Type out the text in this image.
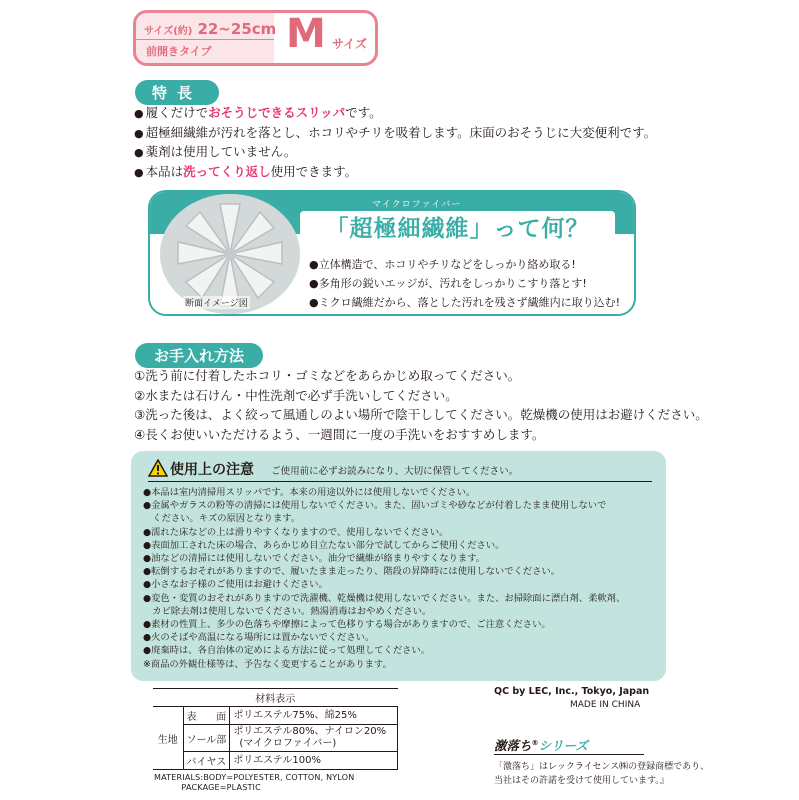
サイズ(約) 22~25cm
前開きタイプ M サイズ
特長
● 履くだけでおそうじできるスリッパです。
● 超極細繊維が汚れを落とし、ホコリやチリを吸着します。床面のおそうじに大変便利です。
● 薬剤は使用していません。
● 本品は洗ってくり返し使用できます。
断面イメージ図
マイクロファイバー
「超極細繊維」って何？
●立体構造で、ホコリやチリなどをしっかり絡め取る!
●多角形の鋭いエッジが、汚れをしっかりこすり落とす!
●ミクロ繊維だから、落とした汚れを残さず繊維内に取り込む!
お手入れ方法
①洗う前に付着したホコリ・ゴミなどをあらかじめ取ってください。
②水または石けん・中性洗剤で必ず手洗いしてください。
③洗った後は、よく絞って風通しのよい場所で陰干ししてください。乾燥機の使用はお避けください。
④長くお使いいただけるよう、一週間に一度の手洗いをおすすめします。
使用上の注意 ご使用前に必ずお読みになり、大切に保管してください。
●本品は室内清掃用スリッパです。本来の用途以外には使用しないでください。
●金属やガラスの粉等の清掃には使用しないでください。また、固いゴミや砂などが付着したまま使用しないで
　ください。キズの原因となります。
●濡れた床などの上は滑りやすくなりますので、使用しないでください。
●表面加工された床の場合、あらかじめ目立たない部分で試してからご使用ください。
●油などの清掃には使用しないでください。油分で繊維が絡まりやすくなります。
●転倒するおそれがありますので、履いたまま走ったり、階段の昇降時には使用しないでください。
●小さなお子様のご使用はお避けください。
●変色・変質のおそれがありますので洗濯機、乾燥機は使用しないでください。また、お掃除面に漂白剤、柔軟剤、
　カビ除去剤は使用しないでください。熱湯消毒はおやめください。
●素材の性質上、多少の色落ちや摩擦によって色移りする場合がありますので、ご注意ください。
●火のそばや高温になる場所には置かないでください。
●廃棄時は、各自治体の定めによる方法に従って処理してください。
※商品の外観仕様等は、予告なく変更することがあります。
材料表示		
生地	表　面	ポリエステル75%、綿25%
	ソール部	ポリエステル80%、ナイロン20%
(マイクロファイバー)

	バイヤス	ポリエステル100%
MATERIALS:BODY=POLYESTER, COTTON, NYLON
PACKAGE=PLASTIC
QC by LEC, Inc., Tokyo, Japan
MADE IN CHINA
激落ち®シリーズ
「激落ち」はレックライセンス㈱の登録商標であり、
当社はその許諾を受けて使用しています。』
